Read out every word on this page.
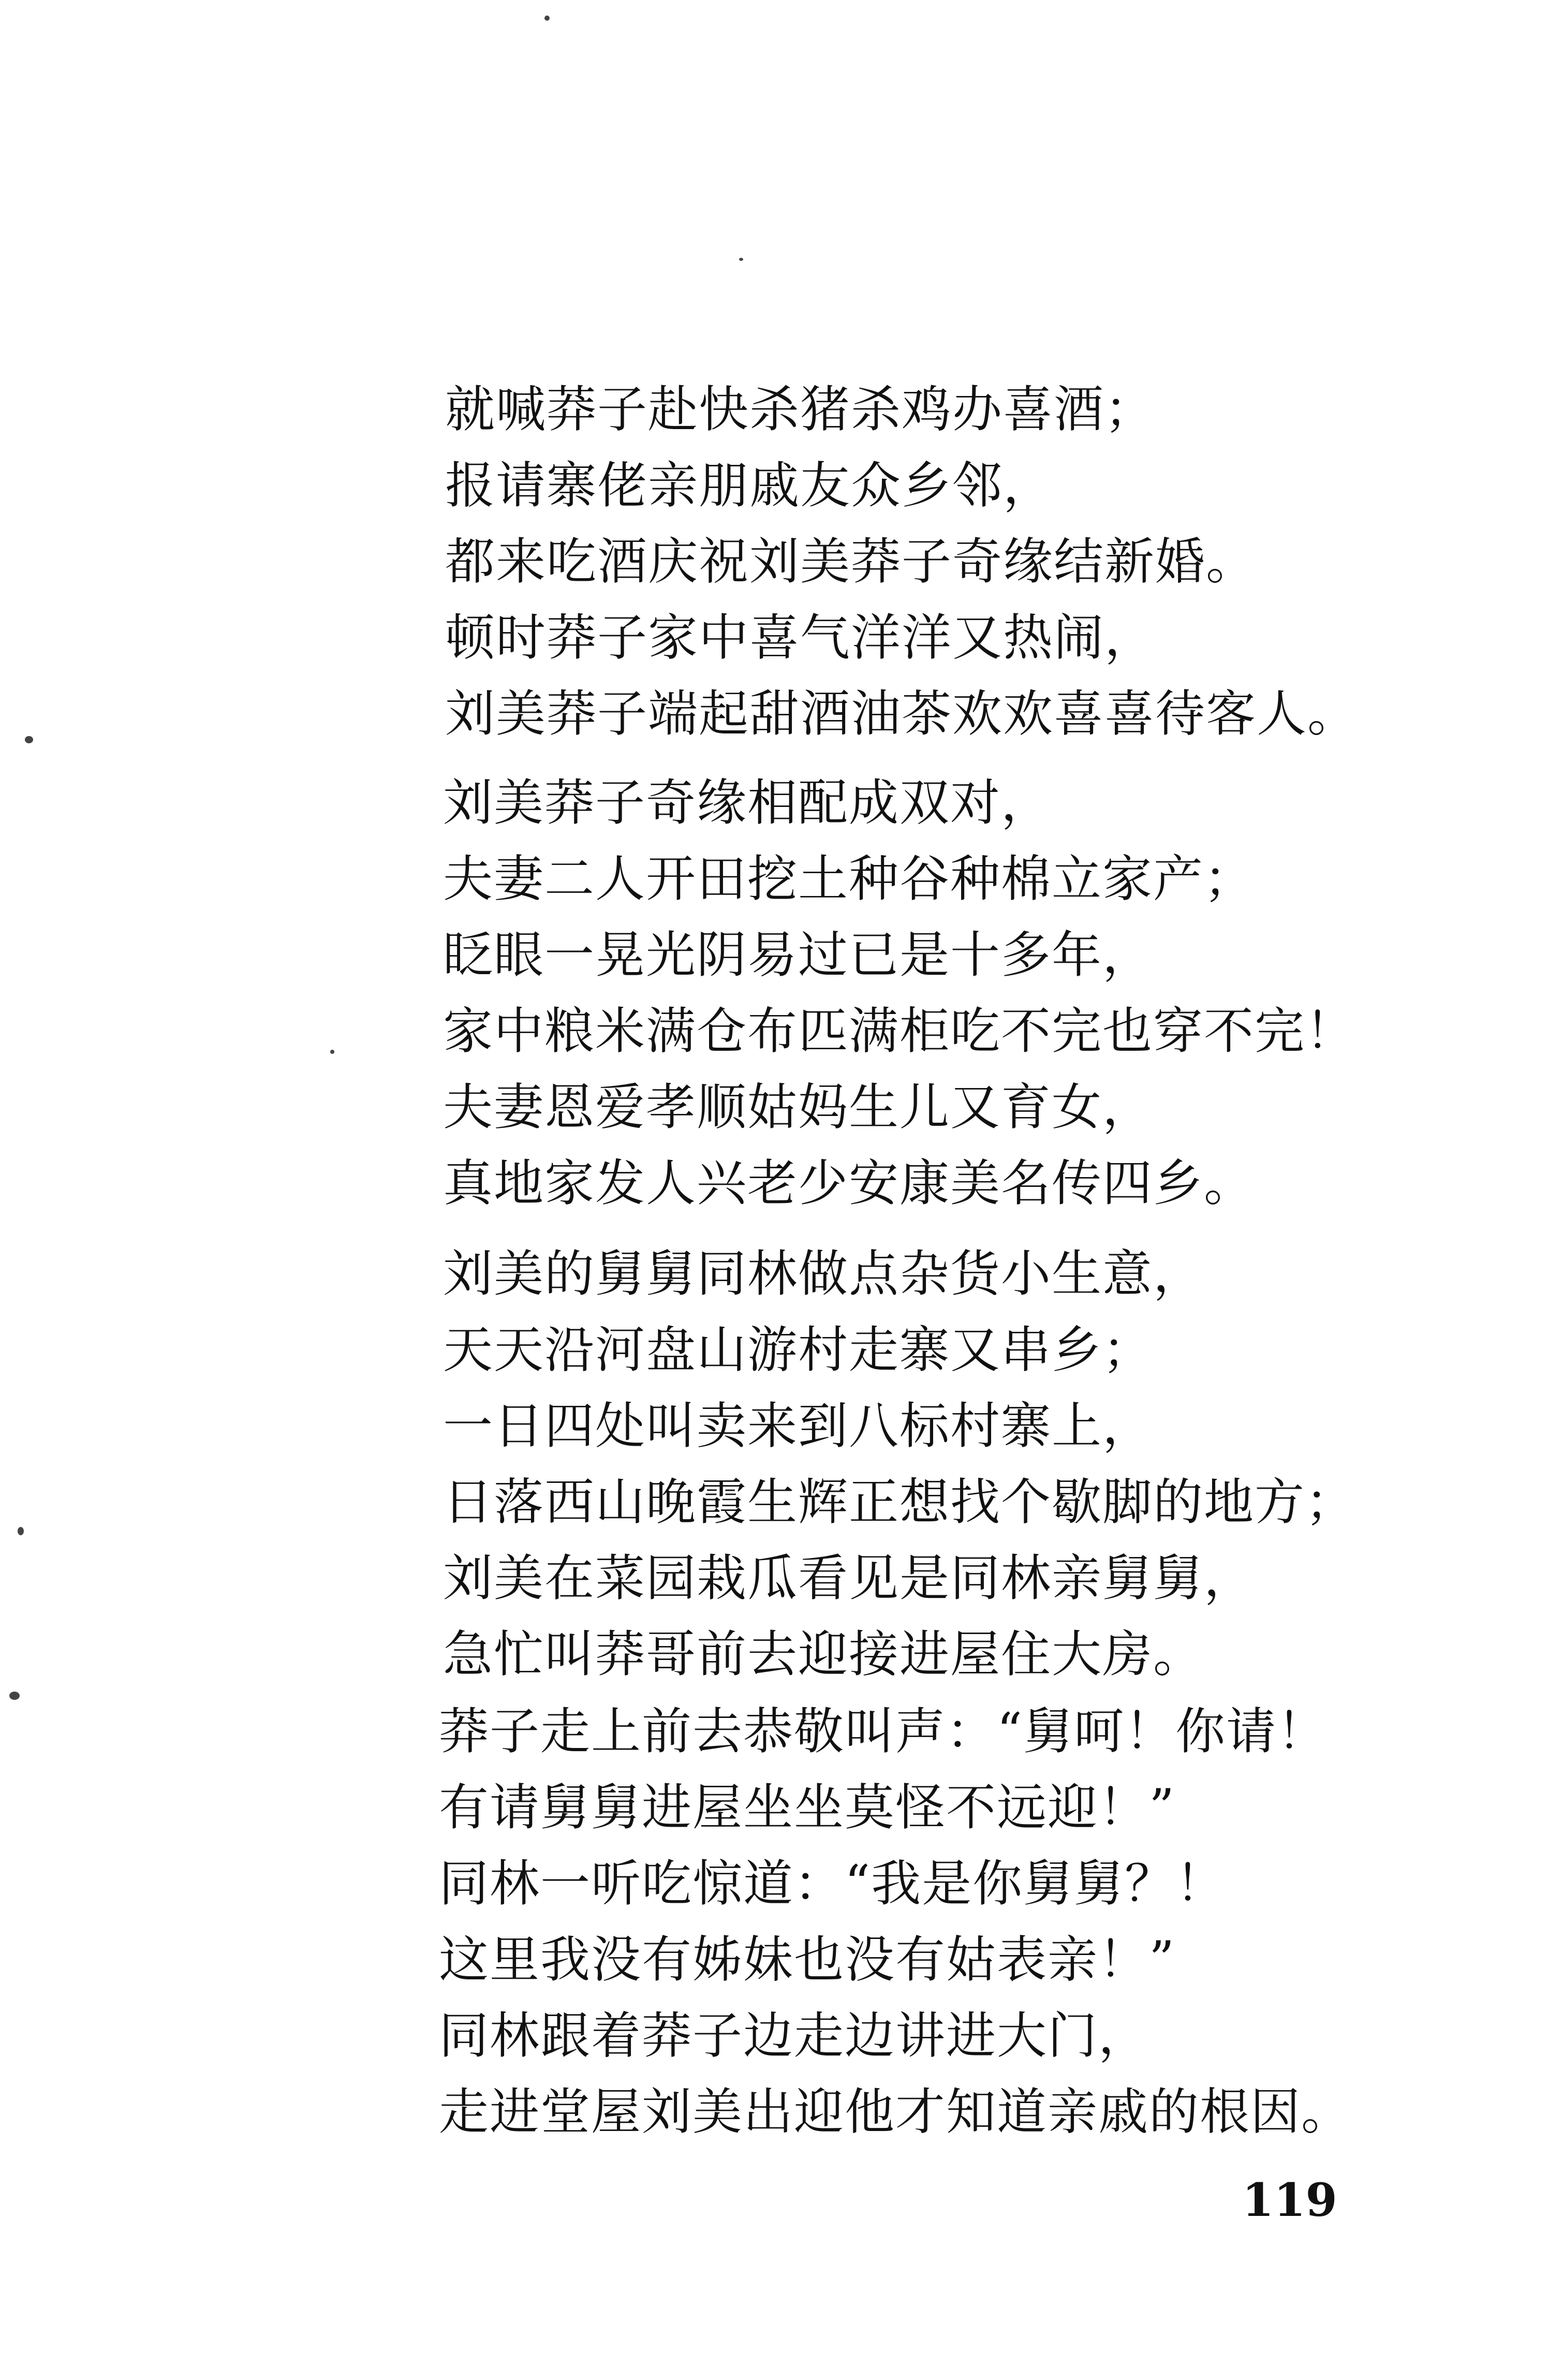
就喊莽子赴快杀猪杀鸡办喜酒；
报请寨佬亲朋戚友众乡邻，
都来吃酒庆祝刘美莽子奇缘结新婚。
顿时莽子家中喜气洋洋又热闹，
刘美莽子端起甜酒油茶欢欢喜喜待客人。
刘美莽子奇缘相配成双对，
夫妻二人开田挖土种谷种棉立家产；
眨眼一晃光阴易过已是十多年，
家中粮米满仓布匹满柜吃不完也穿不完！
夫妻恩爱孝顺姑妈生儿又育女，
真地家发人兴老少安康美名传四乡。
刘美的舅舅同林做点杂货小生意，
天天沿河盘山游村走寨又串乡；
一日四处叫卖来到八标村寨上，
日落西山晚霞生辉正想找个歇脚的地方；
刘美在菜园栽瓜看见是同林亲舅舅，
急忙叫莽哥前去迎接进屋住大房。
莽子走上前去恭敬叫声：“舅呵！你请！
有请舅舅进屋坐坐莫怪不远迎！”
同林一听吃惊道：“我是你舅舅？！
这里我没有姊妹也没有姑表亲！”
同林跟着莽子边走边讲进大门，
走进堂屋刘美出迎他才知道亲戚的根因。
119
